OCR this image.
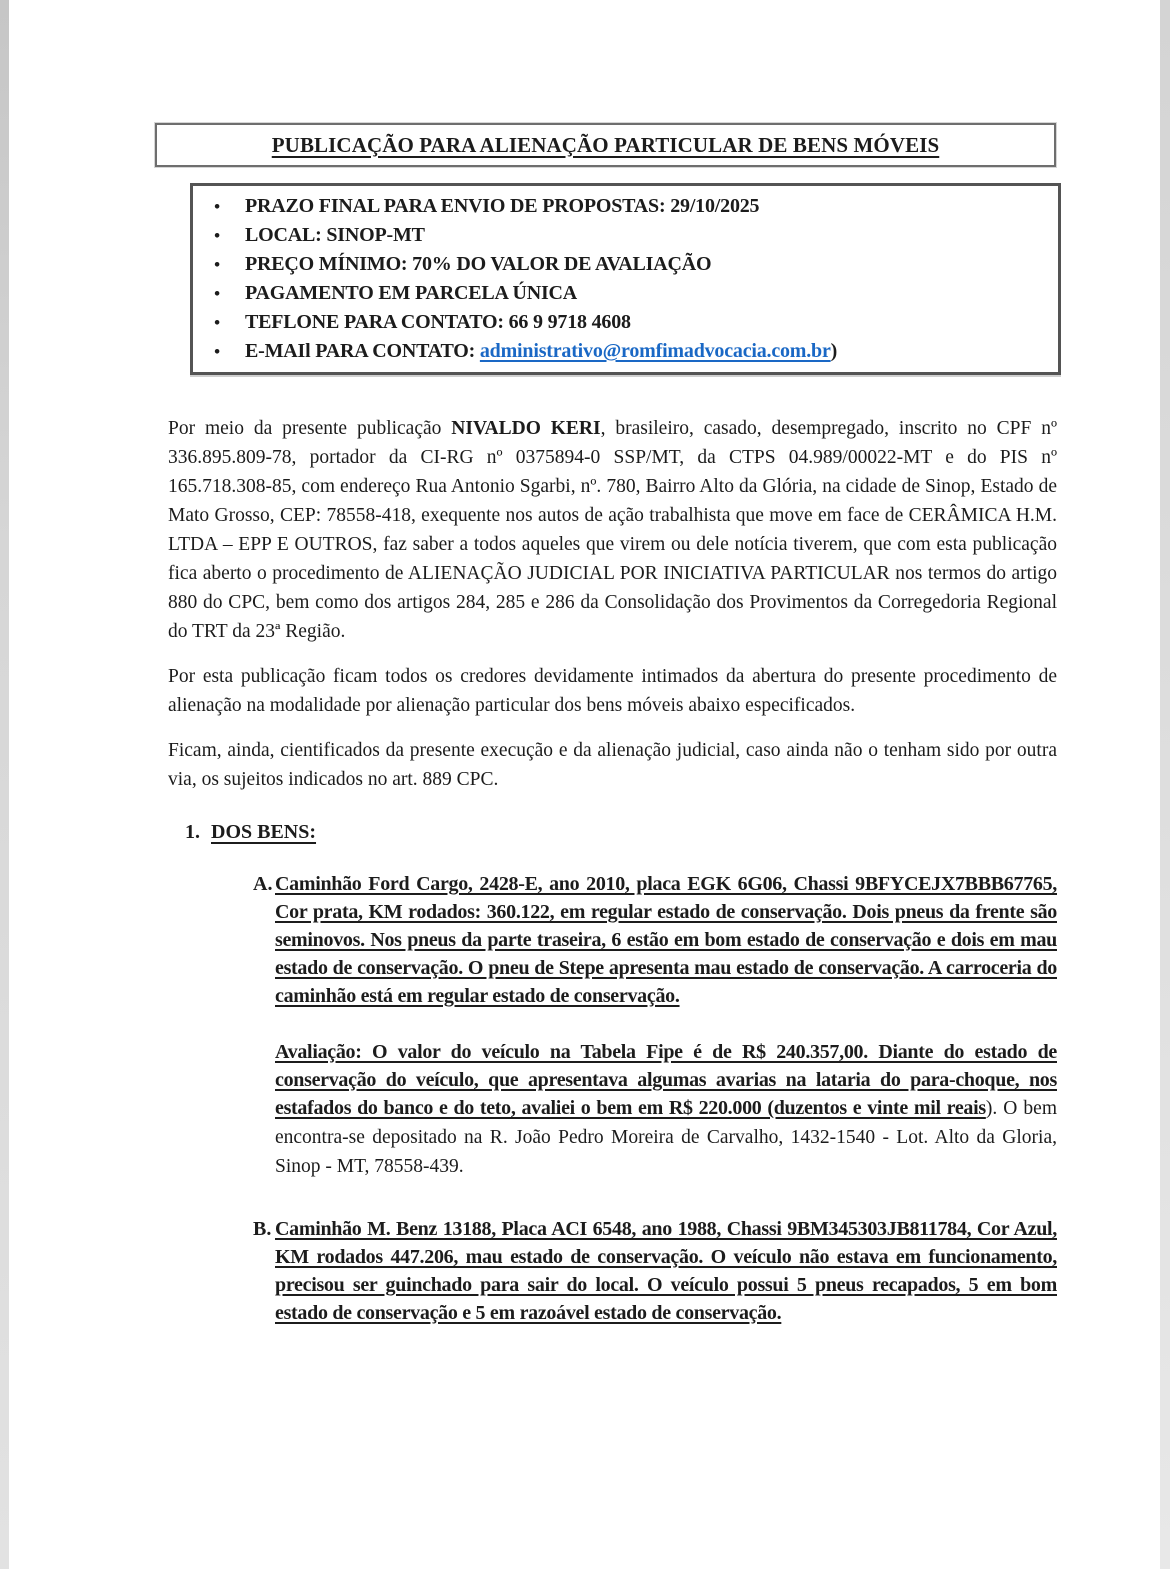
PUBLICAÇÃO PARA ALIENAÇÃO PARTICULAR DE BENS MÓVEIS
• PRAZO FINAL PARA ENVIO DE PROPOSTAS: 29/10/2025
• LOCAL: SINOP-MT
• PREÇO MÍNIMO: 70% DO VALOR DE AVALIAÇÃO
• PAGAMENTO EM PARCELA ÚNICA
• TEFLONE PARA CONTATO: 66 9 9718 4608
• E-MAIl PARA CONTATO: administrativo@romfimadvocacia.com.br)

Por meio da presente publicação NIVALDO KERI, brasileiro, casado, desempregado, inscrito no CPF nº 336.895.809-78, portador da CI-RG nº 0375894-0 SSP/MT, da CTPS 04.989/00022-MT e do PIS nº 165.718.308-85, com endereço Rua Antonio Sgarbi, nº. 780, Bairro Alto da Glória, na cidade de Sinop, Estado de Mato Grosso, CEP: 78558-418, exequente nos autos de ação trabalhista que move em face de CERÂMICA H.M. LTDA – EPP E OUTROS, faz saber a todos aqueles que virem ou dele notícia tiverem, que com esta publicação fica aberto o procedimento de ALIENAÇÃO JUDICIAL POR INICIATIVA PARTICULAR nos termos do artigo 880 do CPC, bem como dos artigos 284, 285 e 286 da Consolidação dos Provimentos da Corregedoria Regional do TRT da 23ª Região.

Por esta publicação ficam todos os credores devidamente intimados da abertura do presente procedimento de alienação na modalidade por alienação particular dos bens móveis abaixo especificados.

Ficam, ainda, cientificados da presente execução e da alienação judicial, caso ainda não o tenham sido por outra via, os sujeitos indicados no art. 889 CPC.

1. DOS BENS:
A. Caminhão Ford Cargo, 2428-E, ano 2010, placa EGK 6G06, Chassi 9BFYCEJX7BBB67765, Cor prata, KM rodados: 360.122, em regular estado de conservação. Dois pneus da frente são seminovos. Nos pneus da parte traseira, 6 estão em bom estado de conservação e dois em mau estado de conservação. O pneu de Stepe apresenta mau estado de conservação. A carroceria do caminhão está em regular estado de conservação.
Avaliação: O valor do veículo na Tabela Fipe é de R$ 240.357,00. Diante do estado de conservação do veículo, que apresentava algumas avarias na lataria do para-choque, nos estafados do banco e do teto, avaliei o bem em R$ 220.000 (duzentos e vinte mil reais). O bem encontra-se depositado na R. João Pedro Moreira de Carvalho, 1432-1540 - Lot. Alto da Gloria, Sinop - MT, 78558-439.
B. Caminhão M. Benz 13188, Placa ACI 6548, ano 1988, Chassi 9BM345303JB811784, Cor Azul, KM rodados 447.206, mau estado de conservação. O veículo não estava em funcionamento, precisou ser guinchado para sair do local. O veículo possui 5 pneus recapados, 5 em bom estado de conservação e 5 em razoável estado de conservação.
